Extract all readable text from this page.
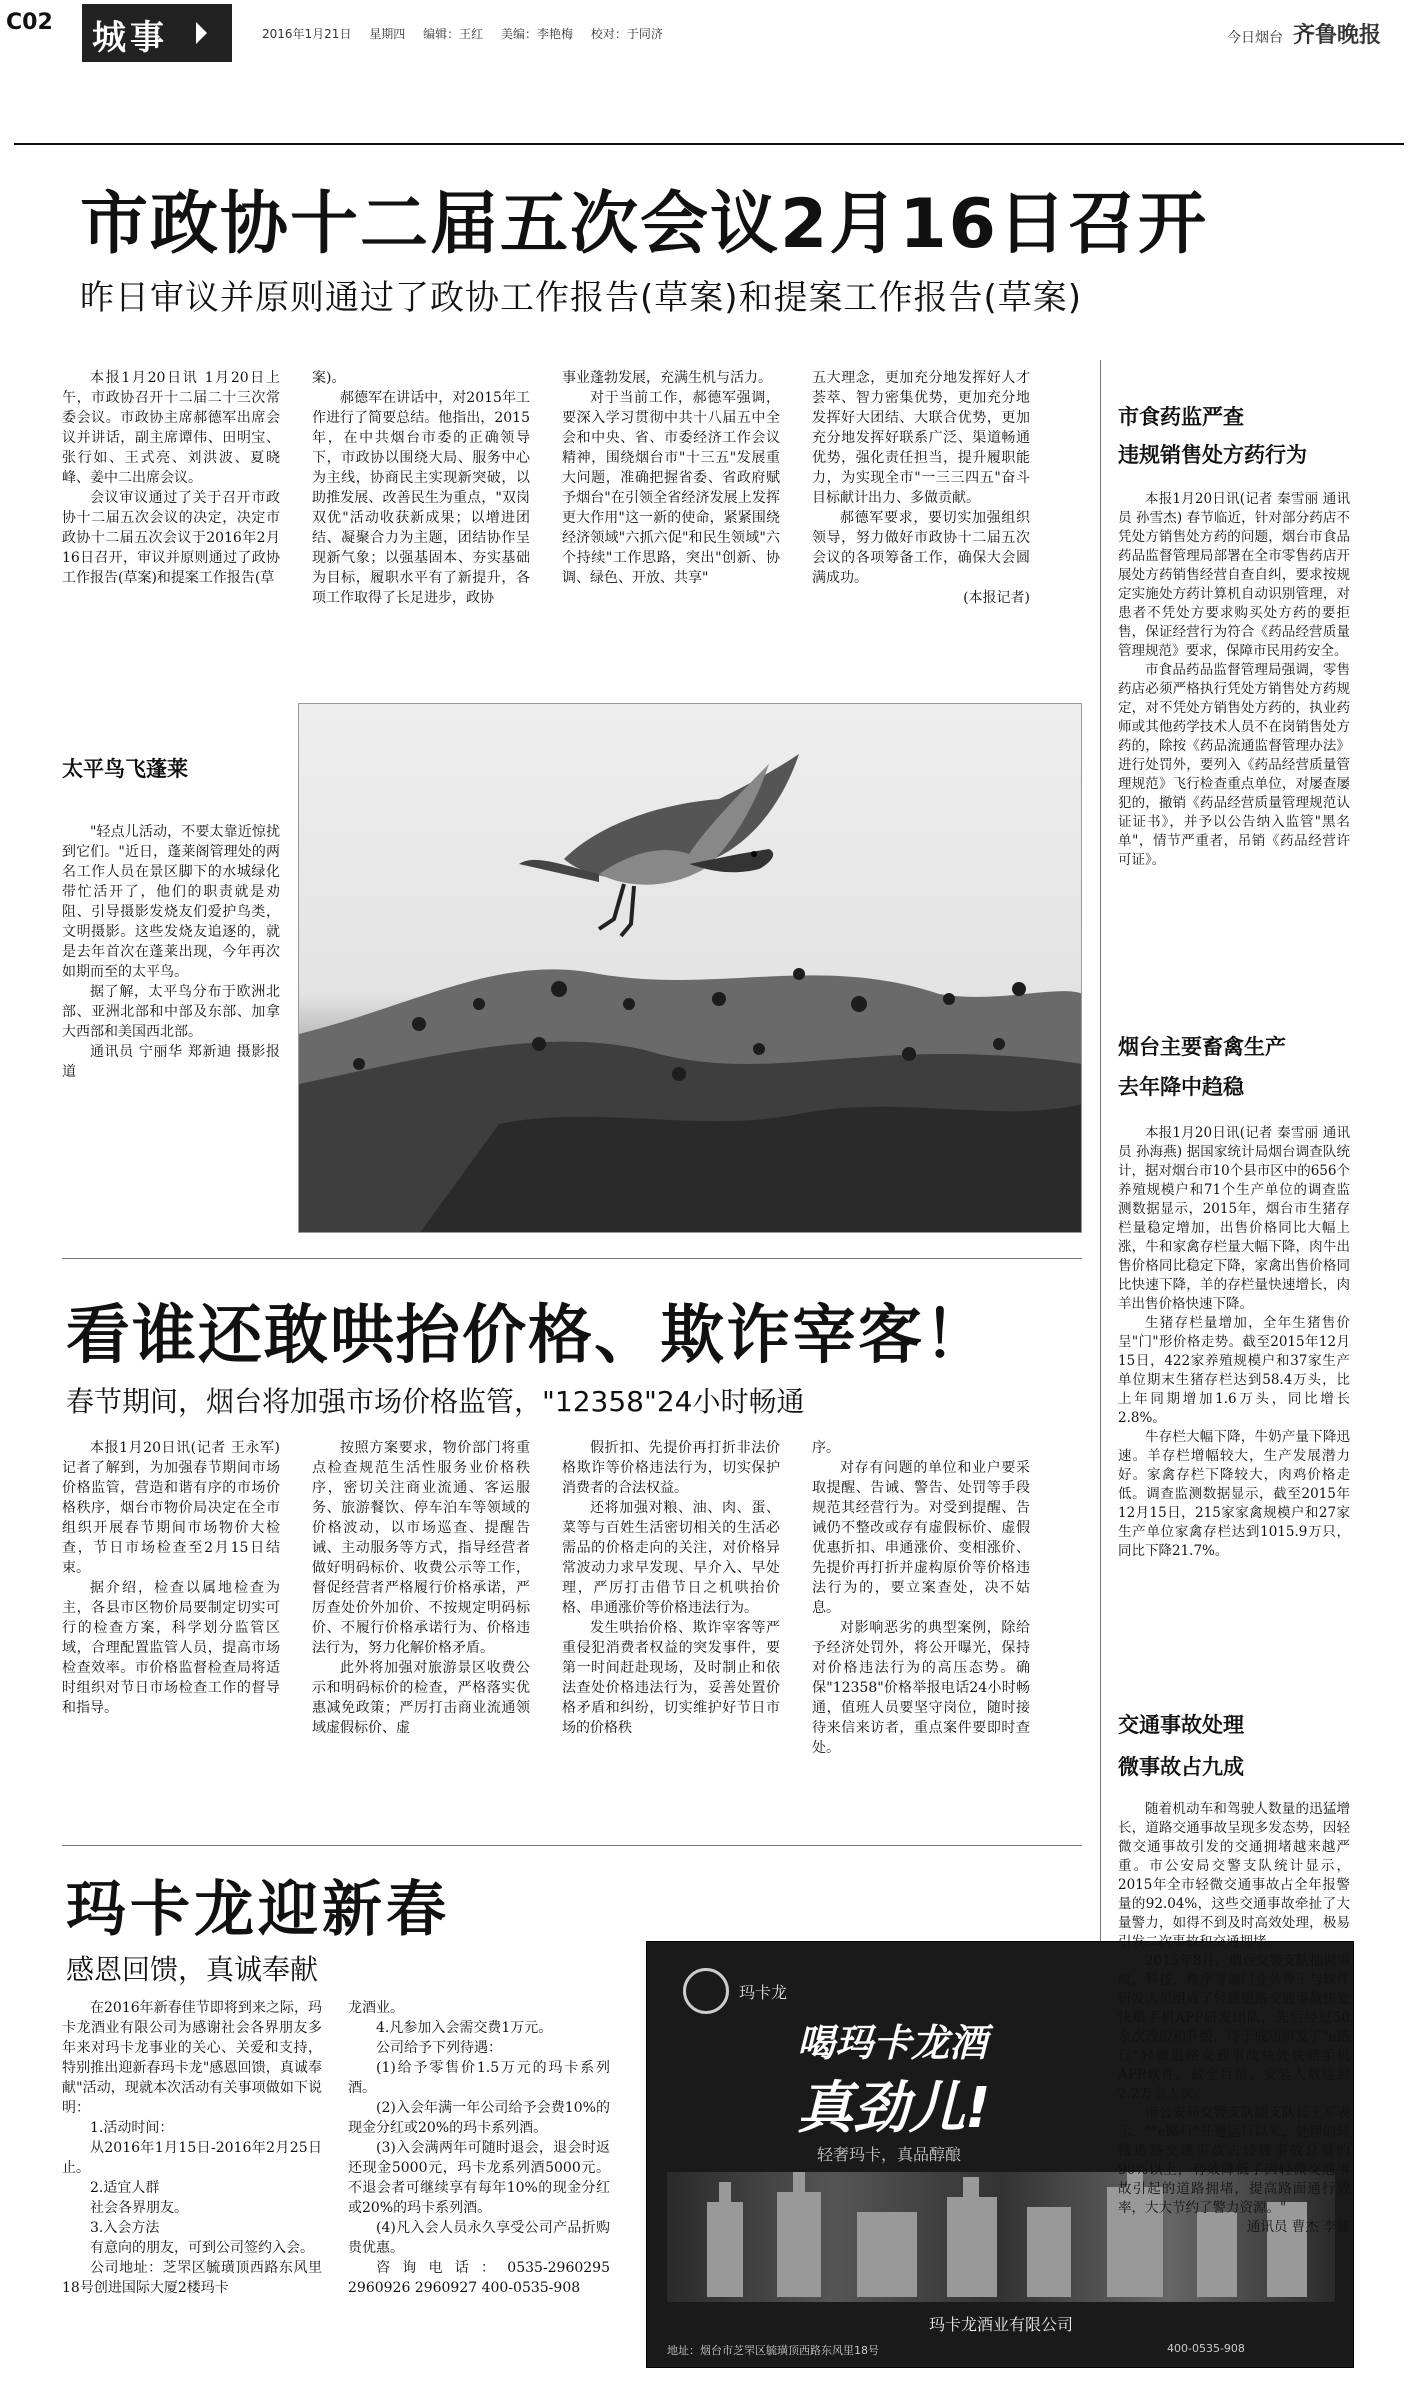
C02 城事	2016年1月21日 星期四 编辑：王红 美编：李艳梅 校对：于同济	今日烟台 齐鲁晚报
市政协十二届五次会议2月16日召开
昨日审议并原则通过了政协工作报告(草案)和提案工作报告(草案)

本报1月20日讯 1月20日上午，市政协召开十二届二十三次常委会议。市政协主席郝德军出席会议并讲话，副主席谭伟、田明宝、张行如、王式亮、刘洪波、夏晓峰、姜中二出席会议。

会议审议通过了关于召开市政协十二届五次会议的决定，决定市政协十二届五次会议于2016年2月16日召开，审议并原则通过了政协工作报告(草案)和提案工作报告(草

案)。

郝德军在讲话中，对2015年工作进行了简要总结。他指出，2015年，在中共烟台市委的正确领导下，市政协以围绕大局、服务中心为主线，协商民主实现新突破，以助推发展、改善民生为重点，"双岗双优"活动收获新成果；以增进团结、凝聚合力为主题，团结协作呈现新气象；以强基固本、夯实基础为目标，履职水平有了新提升，各项工作取得了长足进步，政协

事业蓬勃发展，充满生机与活力。

对于当前工作，郝德军强调，要深入学习贯彻中共十八届五中全会和中央、省、市委经济工作会议精神，围绕烟台市"十三五"发展重大问题，准确把握省委、省政府赋予烟台"在引领全省经济发展上发挥更大作用"这一新的使命，紧紧围绕经济领域"六抓六促"和民生领域"六个持续"工作思路，突出"创新、协调、绿色、开放、共享"

五大理念，更加充分地发挥好人才荟萃、智力密集优势，更加充分地发挥好大团结、大联合优势，更加充分地发挥好联系广泛、渠道畅通优势，强化责任担当，提升履职能力，为实现全市"一三三四五"奋斗目标献计出力、多做贡献。

郝德军要求，要切实加强组织领导，努力做好市政协十二届五次会议的各项筹备工作，确保大会圆满成功。

(本报记者)
太平鸟飞蓬莱

"轻点儿活动，不要太靠近惊扰到它们。"近日，蓬莱阁管理处的两名工作人员在景区脚下的水城绿化带忙活开了，他们的职责就是劝阻、引导摄影发烧友们爱护鸟类，文明摄影。这些发烧友追逐的，就是去年首次在蓬莱出现，今年再次如期而至的太平鸟。

据了解，太平鸟分布于欧洲北部、亚洲北部和中部及东部、加拿大西部和美国西北部。

通讯员 宁丽华 郑新迪 摄影报道

看谁还敢哄抬价格、欺诈宰客！
春节期间，烟台将加强市场价格监管，"12358"24小时畅通

本报1月20日讯(记者 王永军) 记者了解到，为加强春节期间市场价格监管，营造和谐有序的市场价格秩序，烟台市物价局决定在全市组织开展春节期间市场物价大检查，节日市场检查至2月15日结束。

据介绍，检查以属地检查为主，各县市区物价局要制定切实可行的检查方案，科学划分监管区域，合理配置监管人员，提高市场检查效率。市价格监督检查局将适时组织对节日市场检查工作的督导和指导。

按照方案要求，物价部门将重点检查规范生活性服务业价格秩序，密切关注商业流通、客运服务、旅游餐饮、停车泊车等领域的价格波动，以市场巡查、提醒告诫、主动服务等方式，指导经营者做好明码标价、收费公示等工作，督促经营者严格履行价格承诺，严厉查处价外加价、不按规定明码标价、不履行价格承诺行为、价格违法行为，努力化解价格矛盾。

此外将加强对旅游景区收费公示和明码标价的检查，严格落实优惠减免政策；严厉打击商业流通领域虚假标价、虚

假折扣、先提价再打折非法价格欺诈等价格违法行为，切实保护消费者的合法权益。

还将加强对粮、油、肉、蛋、菜等与百姓生活密切相关的生活必需品的价格走向的关注，对价格异常波动力求早发现、早介入、早处理，严厉打击借节日之机哄抬价格、串通涨价等价格违法行为。

发生哄抬价格、欺诈宰客等严重侵犯消费者权益的突发事件，要第一时间赶赴现场，及时制止和依法查处价格违法行为，妥善处置价格矛盾和纠纷，切实维护好节日市场的价格秩

序。

对存有问题的单位和业户要采取提醒、告诫、警告、处罚等手段规范其经营行为。对受到提醒、告诫仍不整改或存有虚假标价、虚假优惠折扣、串通涨价、变相涨价、先提价再打折并虚构原价等价格违法行为的，要立案查处，决不姑息。

对影响恶劣的典型案例，除给予经济处罚外，将公开曝光，保持对价格违法行为的高压态势。确保"12358"价格举报电话24小时畅通，值班人员要坚守岗位，随时接待来信来访者，重点案件要即时查处。

玛卡龙迎新春
感恩回馈，真诚奉献

在2016年新春佳节即将到来之际，玛卡龙酒业有限公司为感谢社会各界朋友多年来对玛卡龙事业的关心、关爱和支持，特别推出迎新春玛卡龙"感恩回馈，真诚奉献"活动，现就本次活动有关事项做如下说明：

1.活动时间：

从2016年1月15日-2016年2月25日止。

2.适宜人群

社会各界朋友。

3.入会方法

有意向的朋友，可到公司签约入会。

公司地址：芝罘区毓璜顶西路东风里18号创进国际大厦2楼玛卡

龙酒业。

4.凡参加入会需交费1万元。

公司给予下列待遇：

(1)给予零售价1.5万元的玛卡系列酒。

(2)入会年满一年公司给予会费10%的现金分红或20%的玛卡系列酒。

(3)入会满两年可随时退会，退会时返还现金5000元，玛卡龙系列酒5000元。不退会者可继续享有每年10%的现金分红或20%的玛卡系列酒。

(4)凡入会人员永久享受公司产品折购贵优惠。

咨询电话：0535-2960295 2960926 2960927 400-0535-908

玛卡龙
喝玛卡龙酒
真劲儿!
轻奢玛卡，真品醇酿
玛卡龙酒业有限公司
地址：烟台市芝罘区毓璜顶西路东风里18号	400-0535-908
市食药监严查
违规销售处方药行为

本报1月20日讯(记者 秦雪丽 通讯员 孙雪杰) 春节临近，针对部分药店不凭处方销售处方药的问题，烟台市食品药品监督管理局部署在全市零售药店开展处方药销售经营自查自纠，要求按规定实施处方药计算机自动识别管理，对患者不凭处方要求购买处方药的要拒售，保证经营行为符合《药品经营质量管理规范》要求，保障市民用药安全。

市食品药品监督管理局强调，零售药店必须严格执行凭处方销售处方药规定，对不凭处方销售处方药的，执业药师或其他药学技术人员不在岗销售处方药的，除按《药品流通监督管理办法》进行处罚外，要列入《药品经营质量管理规范》飞行检查重点单位，对屡查屡犯的，撤销《药品经营质量管理规范认证证书》，并予以公告纳入监管"黑名单"，情节严重者，吊销《药品经营许可证》。

烟台主要畜禽生产
去年降中趋稳

本报1月20日讯(记者 秦雪丽 通讯员 孙海燕) 据国家统计局烟台调查队统计，据对烟台市10个县市区中的656个养殖规模户和71个生产单位的调查监测数据显示，2015年，烟台市生猪存栏量稳定增加，出售价格同比大幅上涨，牛和家禽存栏量大幅下降，肉牛出售价格同比稳定下降，家禽出售价格同比快速下降，羊的存栏量快速增长，肉羊出售价格快速下降。

生猪存栏量增加，全年生猪售价呈"门"形价格走势。截至2015年12月15日，422家养殖规模户和37家生产单位期末生猪存栏达到58.4万头，比上年同期增加1.6万头，同比增长2.8%。

牛存栏大幅下降，牛奶产量下降迅速。羊存栏增幅较大，生产发展潜力好。家禽存栏下降较大，肉鸡价格走低。调查监测数据显示，截至2015年12月15日，215家家禽规模户和27家生产单位家禽存栏达到1015.9万只，同比下降21.7%。

交通事故处理
微事故占九成

随着机动车和驾驶人数量的迅猛增长，道路交通事故呈现多发态势，因轻微交通事故引发的交通拥堵越来越严重。市公安局交警支队统计显示，2015年全市轻微交通事故占全年报警量的92.04%，这些交通事故牵扯了大量警力，如得不到及时高效处理，极易引发二次事故和交通拥堵。

2015年8月，烟台交警支队抽调事故、科技、秩序等部门业务骨干与软件研发人员组成了轻微道路交通事故快处快赔手机APP研发团队，先后经过50余次改版和升级，终于成功研发了"e路行"轻微道路交通事故快处快赔手机APP软件。截至目前，安装人数达到2.2万余人次。

市公安局交警支队副支队长王军表示，""e路行"开通运行以来，处理的轻微道路交通事故占轻微事故总量的90%以上，有效降低了因轻微交通事故引起的道路拥堵，提高路面通行效率，大大节约了警力资源。"

通讯员 曹杰 李娜
